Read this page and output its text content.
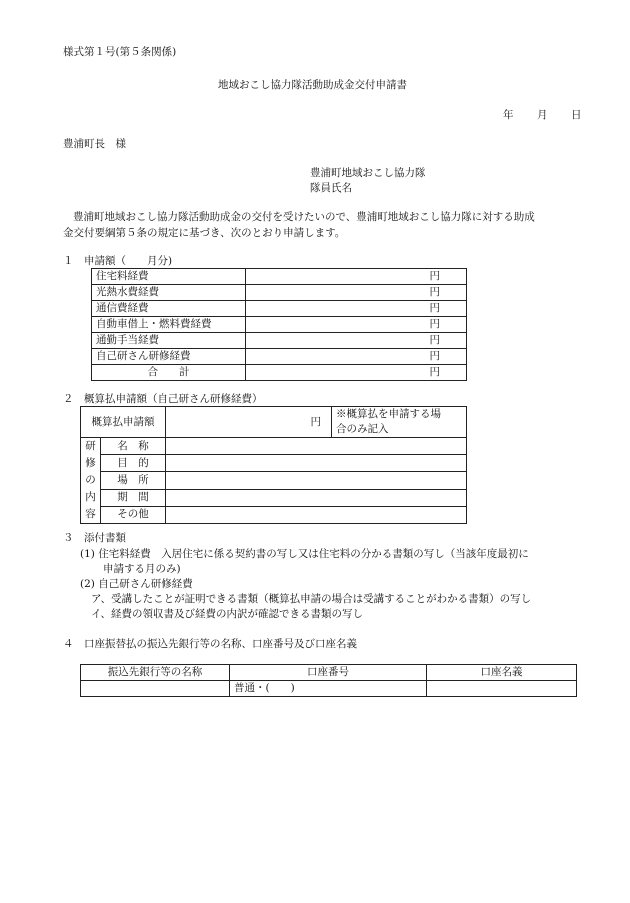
様式第１号(第５条関係)
地域おこし協力隊活動助成金交付申請書
年 月 日
豊浦町長　様
豊浦町地域おこし協力隊
隊員氏名
豊浦町地域おこし協力隊活動助成金の交付を受けたいので、豊浦町地域おこし協力隊に対する助成
金交付要綱第５条の規定に基づき、次のとおり申請します。
１　申請額（　　月分)
住宅料経費	円
光熱水費経費	円
通信費経費	円
自動車借上・燃料費経費	円
通勤手当経費	円
自己研さん研修経費	円
合　　計	円
２　概算払申請額（自己研さん研修経費）
概算払申請額		円	※概算払を申請する場
合のみ記入

研
修
の
内
容	名　称		
	目　的		
	場　所		
	期　間		
	その他		
３　添付書類
(1) 住宅料経費　入居住宅に係る契約書の写し又は住宅料の分かる書類の写し（当該年度最初に
申請する月のみ)
(2) 自己研さん研修経費
ア、受講したことが証明できる書類（概算払申請の場合は受講することがわかる書類）の写し
イ、経費の領収書及び経費の内訳が確認できる書類の写し
４　口座振替払の振込先銀行等の名称、口座番号及び口座名義
振込先銀行等の名称	口座番号	口座名義
	普通・(　　)	
